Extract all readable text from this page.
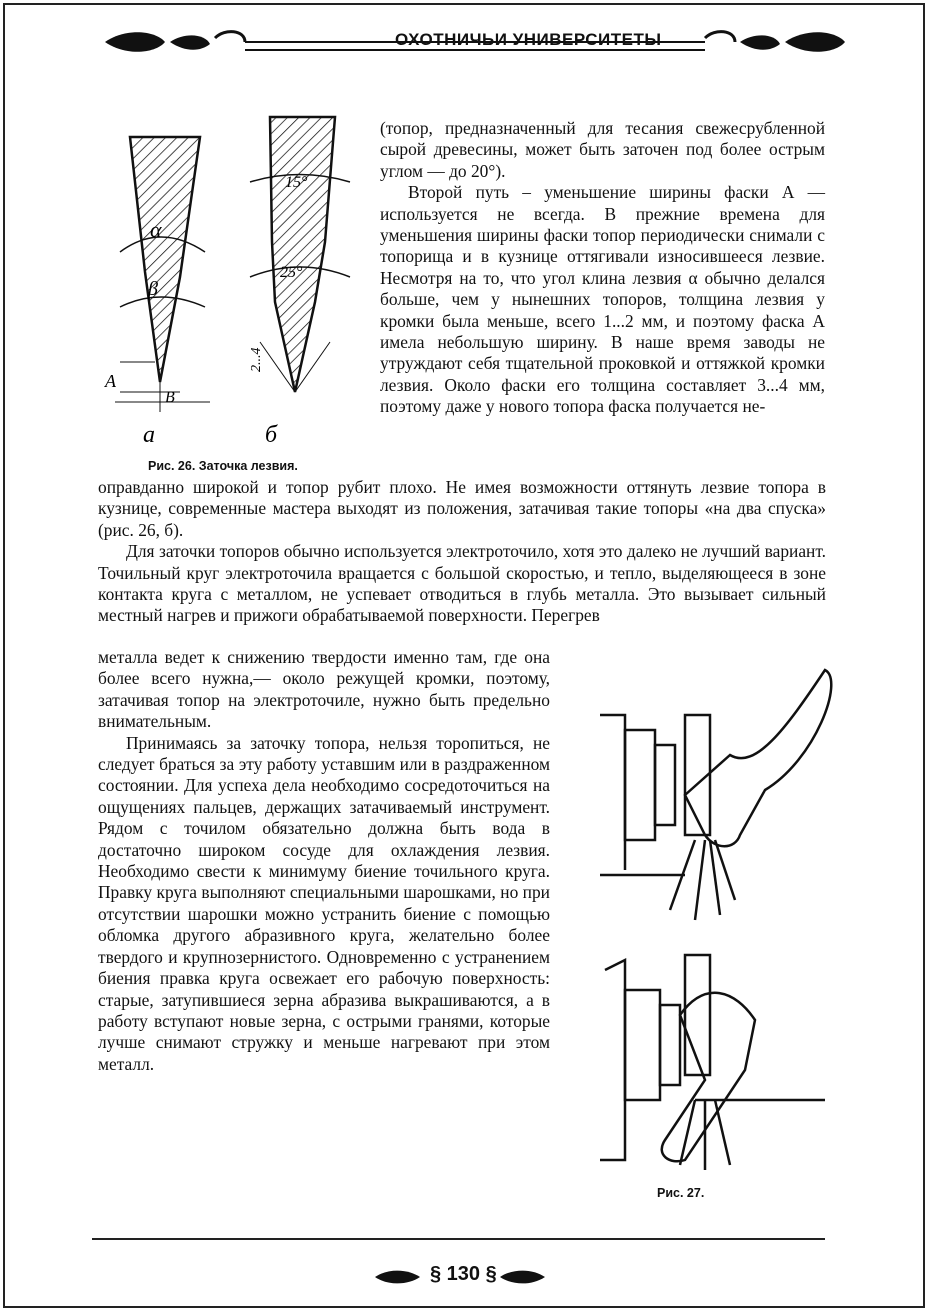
ОХОТНИЧЬИ УНИВЕРСИТЕТЫ
α
β
A
B
а
15°
25°
2...4
б
Рис. 26. Заточка лезвия.

(топор, предназначенный для тесания свежесрубленной сырой древесины, может быть заточен под более острым углом — до 20°).

Второй путь – уменьшение ширины фаски А — используется не всегда. В прежние времена для уменьшения ширины фаски топор периодически снимали с топорища и в кузнице оттягивали износившееся лезвие. Несмотря на то, что угол клина лезвия α обычно делался больше, чем у нынешних топоров, толщина лезвия у кромки была меньше, всего 1...2 мм, и поэтому фаска А имела небольшую ширину. В наше время заводы не утруждают себя тщательной проковкой и оттяжкой кромки лезвия. Около фаски его толщина составляет 3...4 мм, поэтому даже у нового топора фаска получается не-

оправданно широкой и топор рубит плохо. Не имея возможности оттянуть лезвие топора в кузнице, современные мастера выходят из положения, затачивая такие топоры «на два спуска» (рис. 26, б).

Для заточки топоров обычно используется электроточило, хотя это далеко не лучший вариант. Точильный круг электроточила вращается с большой скоростью, и тепло, выделяющееся в зоне контакта круга с металлом, не успевает отводиться в глубь металла. Это вызывает сильный местный нагрев и прижоги обрабатываемой поверхности. Перегрев

металла ведет к снижению твердости именно там, где она более всего нужна,— около режущей кромки, поэтому, затачивая топор на электроточиле, нужно быть предельно внимательным.

Принимаясь за заточку топора, нельзя торопиться, не следует браться за эту работу уставшим или в раздраженном состоянии. Для успеха дела необходимо сосредоточиться на ощущениях пальцев, держащих затачиваемый инструмент. Рядом с точилом обязательно должна быть вода в достаточно широком сосуде для охлаждения лезвия. Необходимо свести к минимуму биение точильного круга. Правку круга выполняют специальными шарошками, но при отсутствии шарошки можно устранить биение с помощью обломка другого абразивного круга, желательно более твердого и крупнозернистого. Одновременно с устранением биения правка круга освежает его рабочую поверхность: старые, затупившиеся зерна абразива выкрашиваются, а в работу вступают новые зерна, с острыми гранями, которые лучше снимают стружку и меньше нагревают при этом металл.

Рис. 27.
§ 130 §
